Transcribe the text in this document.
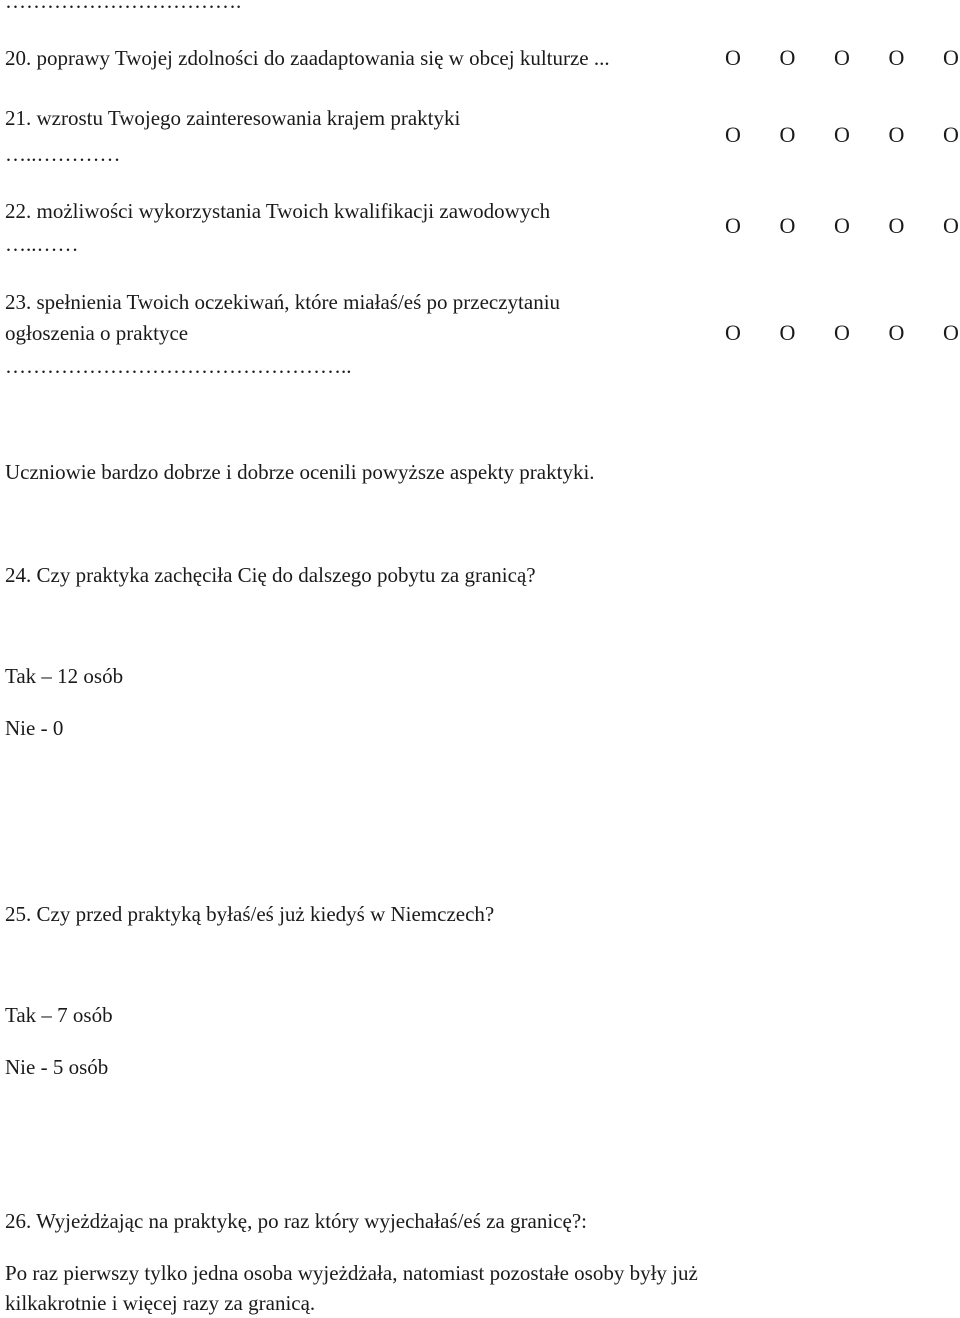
…………………………….
20. poprawy Twojej zdolności do zaadaptowania się w obcej kulturze ...	O O O O O
21. wzrostu Twojego zainteresowania krajem praktyki
…..…………
O O O O O
22. możliwości wykorzystania Twoich kwalifikacji zawodowych
…..……
O O O O O
23. spełnienia Twoich oczekiwań, które miałaś/eś po przeczytaniu
ogłoszenia o praktyce
…………………………………………..
O O O O O
Uczniowie bardzo dobrze i dobrze ocenili powyższe aspekty praktyki.
24. Czy praktyka zachęciła Cię do dalszego pobytu za granicą?
Tak – 12 osób
Nie - 0
25. Czy przed praktyką byłaś/eś już kiedyś w Niemczech?
Tak – 7 osób
Nie - 5 osób
26. Wyjeżdżając na praktykę, po raz który wyjechałaś/eś za granicę?:
Po raz pierwszy tylko jedna osoba wyjeżdżała, natomiast pozostałe osoby były już
kilkakrotnie i więcej razy za granicą.
